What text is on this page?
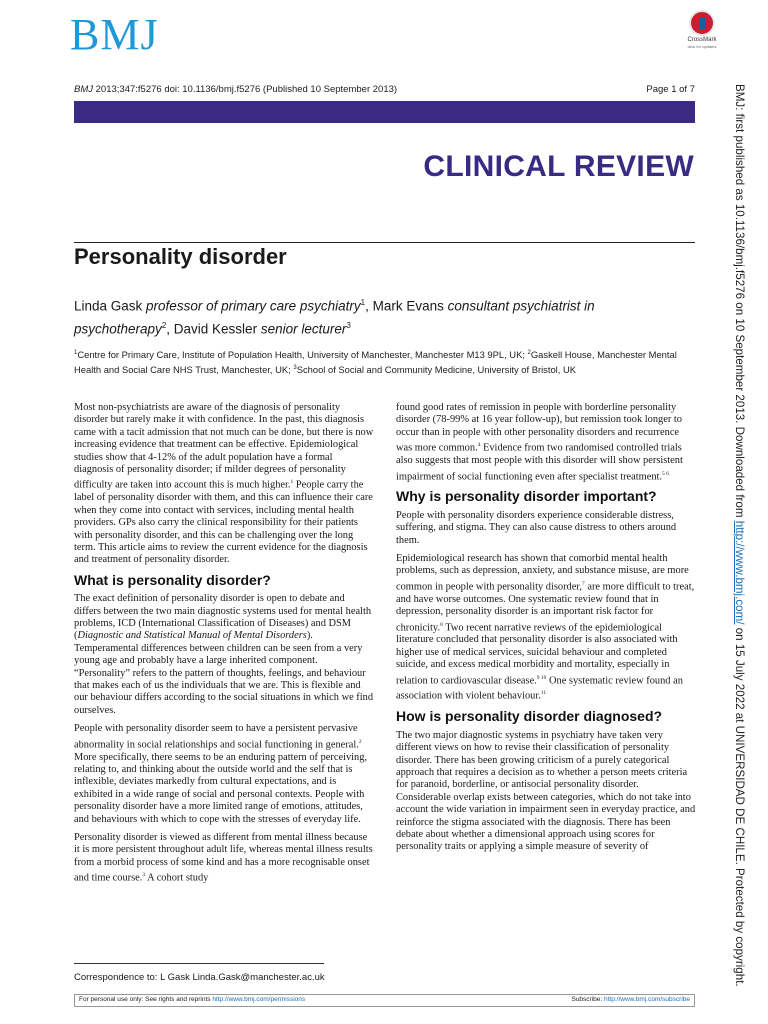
BMJ	CrossMark
click for updates
BMJ 2013;347:f5276 doi: 10.1136/bmj.f5276 (Published 10 September 2013)	Page 1 of 7
CLINICAL REVIEW
Personality disorder
Linda Gask professor of primary care psychiatry$^1$, Mark Evans consultant psychiatrist in psychotherapy$^2$, David Kessler senior lecturer$^3$
$^1$Centre for Primary Care, Institute of Population Health, University of Manchester, Manchester M13 9PL, UK; $^2$Gaskell House, Manchester Mental Health and Social Care NHS Trust, Manchester, UK; $^3$School of Social and Community Medicine, University of Bristol, UK

Most non-psychiatrists are aware of the diagnosis of personality disorder but rarely make it with confidence. In the past, this diagnosis came with a tacit admission that not much can be done, but there is now increasing evidence that treatment can be effective. Epidemiological studies show that 4-12% of the adult population have a formal diagnosis of personality disorder; if milder degrees of personality difficulty are taken into account this is much higher.$^1$ People carry the label of personality disorder with them, and this can influence their care when they come into contact with services, including mental health providers. GPs also carry the clinical responsibility for their patients with personality disorder, and this can be challenging over the long term. This article aims to review the current evidence for the diagnosis and treatment of personality disorder.

What is personality disorder?

The exact definition of personality disorder is open to debate and differs between the two main diagnostic systems used for mental health problems, ICD (International Classification of Diseases) and DSM (Diagnostic and Statistical Manual of Mental Disorders). Temperamental differences between children can be seen from a very young age and probably have a large inherited component. “Personality” refers to the pattern of thoughts, feelings, and behaviour that makes each of us the individuals that we are. This is flexible and our behaviour differs according to the social situations in which we find ourselves.

People with personality disorder seem to have a persistent pervasive abnormality in social relationships and social functioning in general.$^2$ More specifically, there seems to be an enduring pattern of perceiving, relating to, and thinking about the outside world and the self that is inflexible, deviates markedly from cultural expectations, and is exhibited in a wide range of social and personal contexts. People with personality disorder have a more limited range of emotions, attitudes, and behaviours with which to cope with the stresses of everyday life.

Personality disorder is viewed as different from mental illness because it is more persistent throughout adult life, whereas mental illness results from a morbid process of some kind and has a more recognisable onset and time course.$^3$ A cohort study

found good rates of remission in people with borderline personality disorder (78-99% at 16 year follow-up), but remission took longer to occur than in people with other personality disorders and recurrence was more common.$^4$ Evidence from two randomised controlled trials also suggests that most people with this disorder will show persistent impairment of social functioning even after specialist treatment.$^{5 6}$

Why is personality disorder important?

People with personality disorders experience considerable distress, suffering, and stigma. They can also cause distress to others around them.

Epidemiological research has shown that comorbid mental health problems, such as depression, anxiety, and substance misuse, are more common in people with personality disorder,$^7$ are more difficult to treat, and have worse outcomes. One systematic review found that in depression, personality disorder is an important risk factor for chronicity.$^8$ Two recent narrative reviews of the epidemiological literature concluded that personality disorder is also associated with higher use of medical services, suicidal behaviour and completed suicide, and excess medical morbidity and mortality, especially in relation to cardiovascular disease.$^{9 10}$ One systematic review found an association with violent behaviour.$^{11}$

How is personality disorder diagnosed?

The two major diagnostic systems in psychiatry have taken very different views on how to revise their classification of personality disorder. There has been growing criticism of a purely categorical approach that requires a decision as to whether a person meets criteria for paranoid, borderline, or antisocial personality disorder. Considerable overlap exists between categories, which do not take into account the wide variation in impairment seen in everyday practice, and reinforce the stigma associated with the diagnosis. There has been debate about whether a dimensional approach using scores for personality traits or applying a simple measure of severity of

Correspondence to: L Gask Linda.Gask@manchester.ac.uk
For personal use only: See rights and reprints http://www.bmj.com/permissions	Subscribe: http://www.bmj.com/subscribe
BMJ: first published as 10.1136/bmj.f5276 on 10 September 2013. Downloaded from http://www.bmj.com/ on 15 July 2022 at UNIVERSIDAD DE CHILE. Protected by copyright.
